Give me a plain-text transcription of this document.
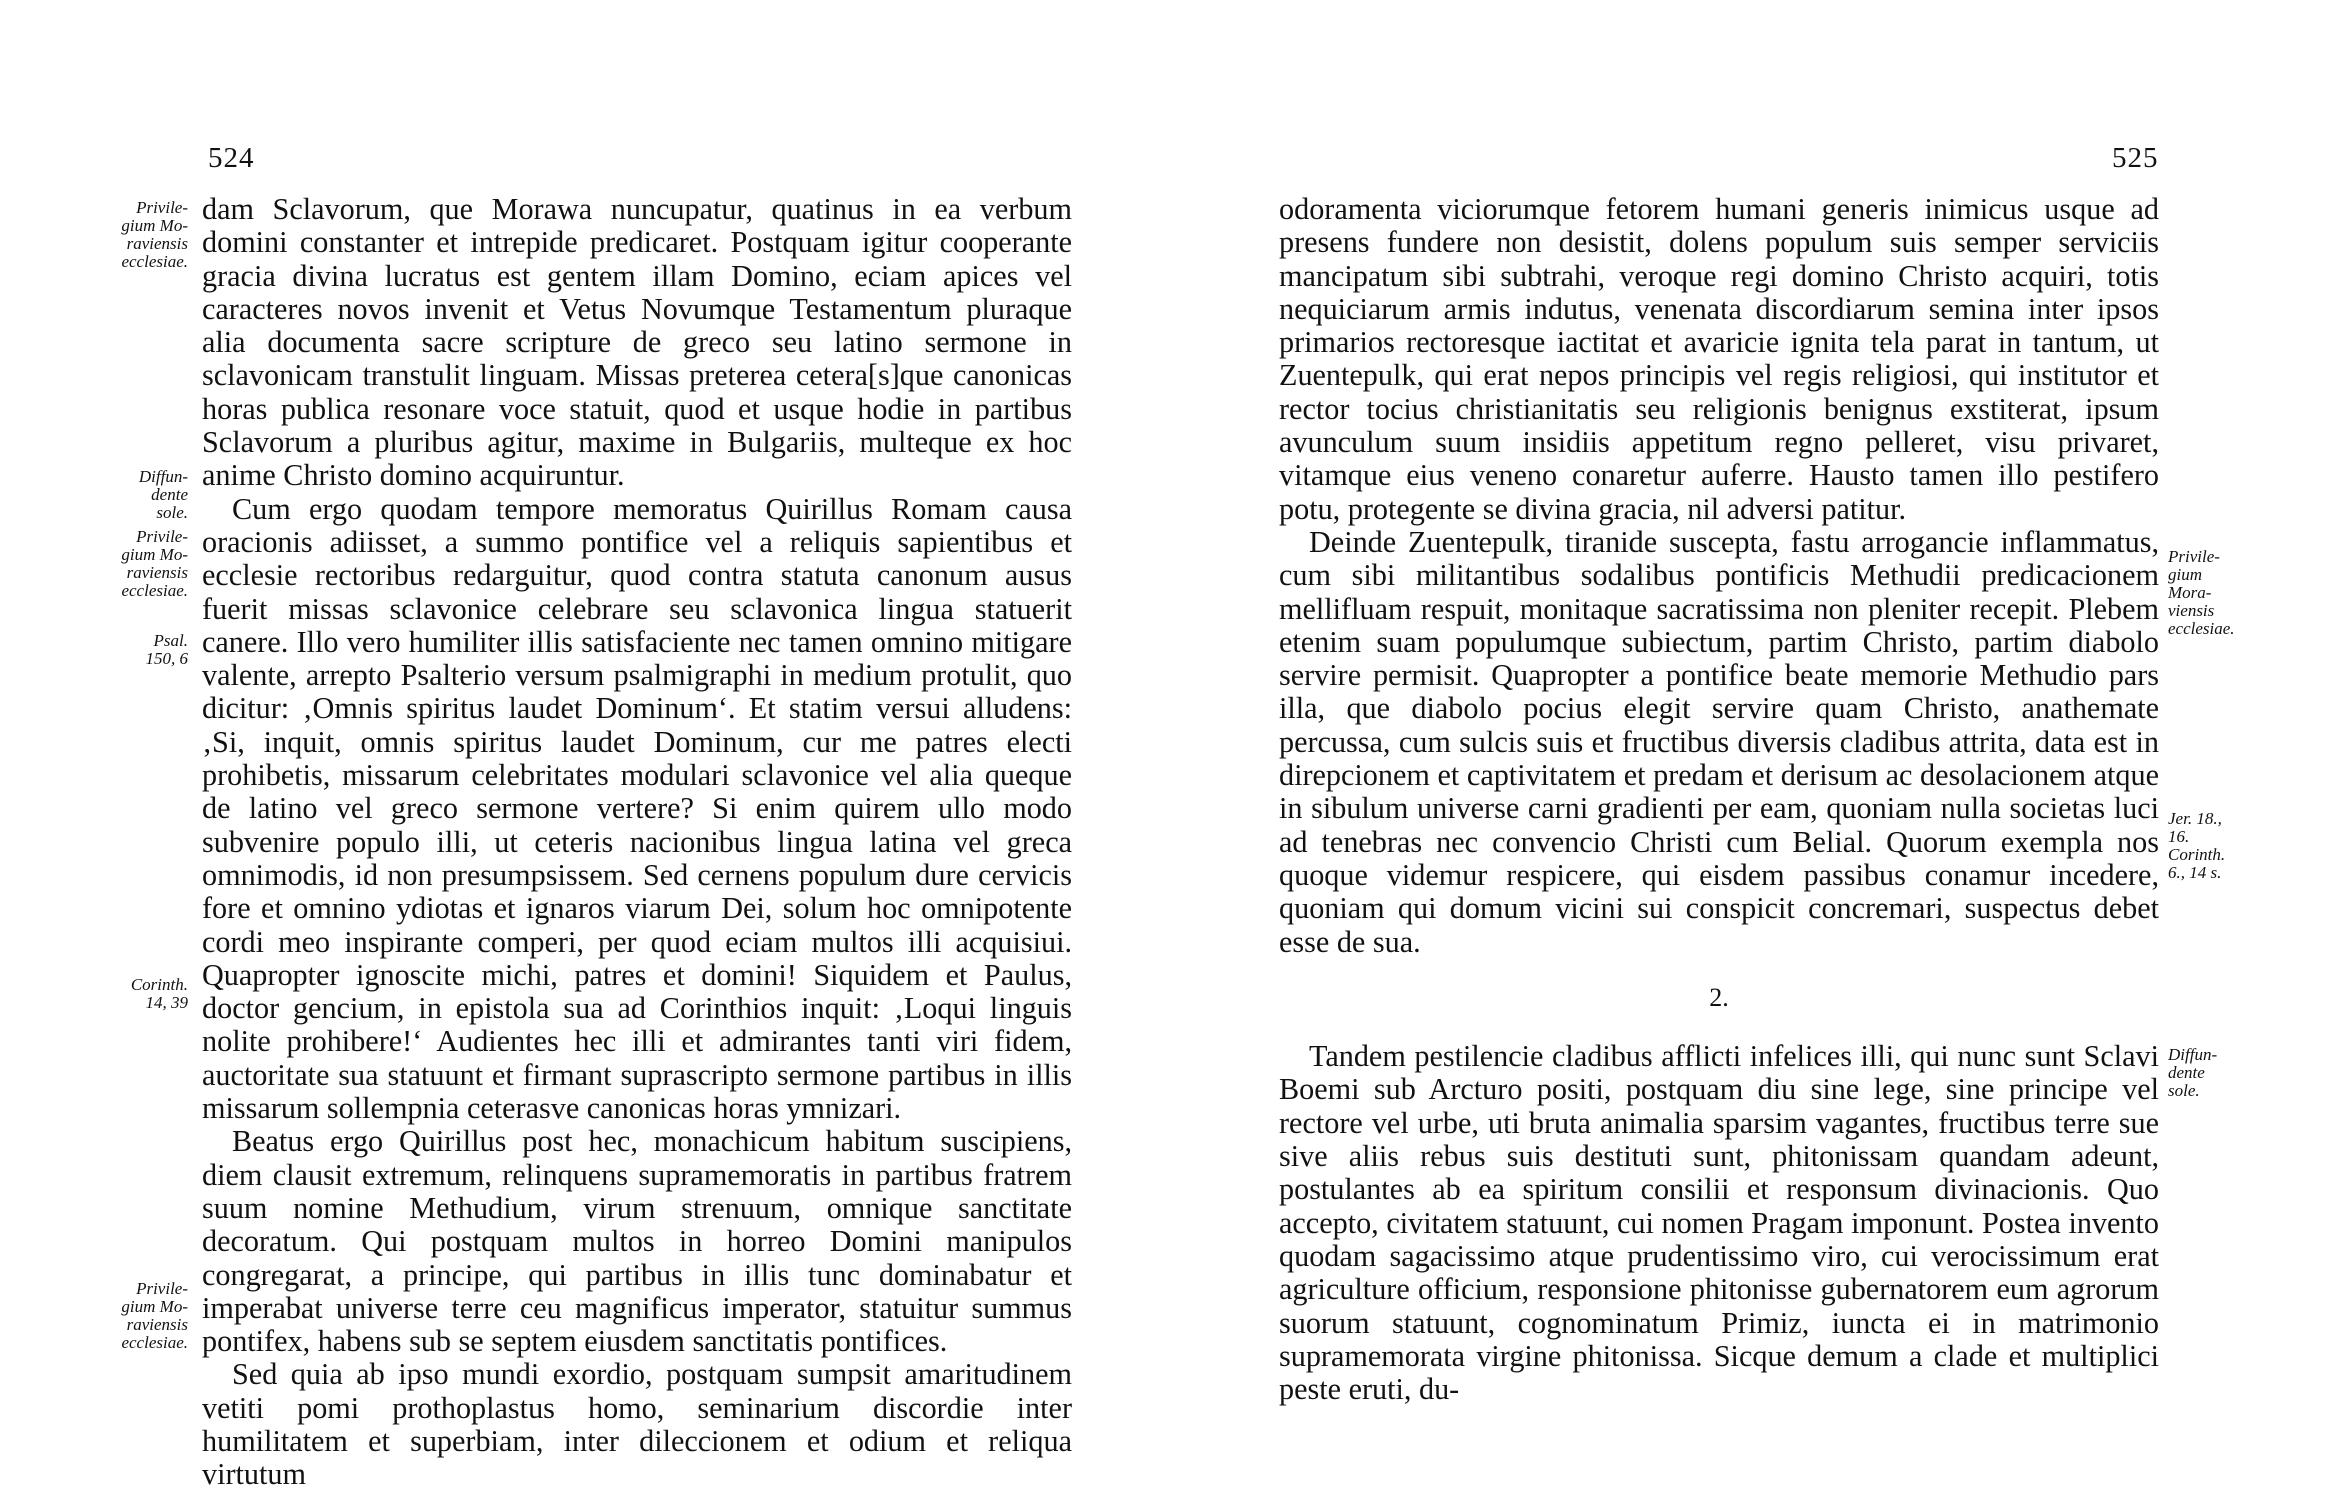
524
Privile-
gium Mo-
raviensis
ecclesiae.
Diffun-
dente
sole.
Privile-
gium Mo-
raviensis
ecclesiae.
Psal.
150, 6
Corinth.
14, 39
Privile-
gium Mo-
raviensis
ecclesiae.

dam Sclavorum, que Morawa nuncupatur, quatinus in ea verbum domini constanter et intrepide predicaret. Postquam igitur cooperante gracia divina lucratus est gentem illam Domino, eciam apices vel caracteres novos invenit et Vetus Novumque Testamentum pluraque alia documenta sacre scripture de greco seu latino sermone in sclavonicam transtulit linguam. Missas preterea cetera[s]que canonicas horas publica resonare voce statuit, quod et usque hodie in partibus Sclavorum a pluribus agitur, maxime in Bulgariis, multeque ex hoc anime Christo domino acquiruntur.

Cum ergo quodam tempore memoratus Quirillus Romam causa oracionis adiisset, a summo pontifice vel a reliquis sapientibus et ecclesie rectoribus redarguitur, quod contra statuta canonum ausus fuerit missas sclavonice celebrare seu sclavonica lingua statuerit canere. Illo vero humiliter illis satisfaciente nec tamen omnino mitigare valente, arrepto Psalterio versum psalmigraphi in medium protulit, quo dicitur: ‚Omnis spiritus laudet Dominum‘. Et statim versui alludens: ‚Si, inquit, omnis spiritus laudet Dominum, cur me patres electi prohibetis, missarum celebritates modulari sclavonice vel alia queque de latino vel greco sermone vertere? Si enim quirem ullo modo subvenire populo illi, ut ceteris nacionibus lingua latina vel greca omnimodis, id non presumpsissem. Sed cernens populum dure cervicis fore et omnino ydiotas et ignaros viarum Dei, solum hoc omnipotente cordi meo inspirante comperi, per quod eciam multos illi acquisiui. Quapropter ignoscite michi, patres et domini! Siquidem et Paulus, doctor gencium, in epistola sua ad Corinthios inquit: ‚Loqui linguis nolite prohibere!‘ Audientes hec illi et admirantes tanti viri fidem, auctoritate sua statuunt et firmant suprascripto sermone partibus in illis missarum sollempnia ceterasve canonicas horas ymnizari.

Beatus ergo Quirillus post hec, monachicum habitum suscipiens, diem clausit extremum, relinquens supramemoratis in partibus fratrem suum nomine Methudium, virum strenuum, omnique sanctitate decoratum. Qui postquam multos in horreo Domini manipulos congregarat, a principe, qui partibus in illis tunc dominabatur et imperabat universe terre ceu magnificus imperator, statuitur summus pontifex, habens sub se septem eiusdem sanctitatis pontifices.

Sed quia ab ipso mundi exordio, postquam sumpsit amaritudinem vetiti pomi prothoplastus homo, seminarium discordie inter humilitatem et superbiam, inter dileccionem et odium et reliqua virtutum

525
Privile-
gium
Mora-
viensis
ecclesiae.
Jer. 18.,
16.
Corinth.
6., 14 s.
Diffun-
dente
sole.

odoramenta viciorumque fetorem humani generis inimicus usque ad presens fundere non desistit, dolens populum suis semper serviciis mancipatum sibi subtrahi, veroque regi domino Christo acquiri, totis nequiciarum armis indutus, venenata discordiarum semina inter ipsos primarios rectoresque iactitat et avaricie ignita tela parat in tantum, ut Zuentepulk, qui erat nepos principis vel regis religiosi, qui institutor et rector tocius christianitatis seu religionis benignus exstiterat, ipsum avunculum suum insidiis appetitum regno pelleret, visu privaret, vitamque eius veneno conaretur auferre. Hausto tamen illo pestifero potu, protegente se divina gracia, nil adversi patitur.

Deinde Zuentepulk, tiranide suscepta, fastu arrogancie inflammatus, cum sibi militantibus sodalibus pontificis Methudii predicacionem mellifluam respuit, monitaque sacratissima non pleniter recepit. Plebem etenim suam populumque subiectum, partim Christo, partim diabolo servire permisit. Quapropter a pontifice beate memorie Methudio pars illa, que diabolo pocius elegit servire quam Christo, anathemate percussa, cum sulcis suis et fructibus diversis cladibus attrita, data est in direpcionem et captivitatem et predam et derisum ac desolacionem atque in sibulum universe carni gradienti per eam, quoniam nulla societas luci ad tenebras nec convencio Christi cum Belial. Quorum exempla nos quoque videmur respicere, qui eisdem passibus conamur incedere, quoniam qui domum vicini sui conspicit concremari, suspectus debet esse de sua.

2.

Tandem pestilencie cladibus afflicti infelices illi, qui nunc sunt Sclavi Boemi sub Arcturo positi, postquam diu sine lege, sine principe vel rectore vel urbe, uti bruta animalia sparsim vagantes, fructibus terre sue sive aliis rebus suis destituti sunt, phitonissam quandam adeunt, postulantes ab ea spiritum consilii et responsum divinacionis. Quo accepto, civitatem statuunt, cui nomen Pragam imponunt. Postea invento quodam sagacissimo atque prudentissimo viro, cui verocissimum erat agriculture officium, responsione phitonisse gubernatorem eum agrorum suorum statuunt, cognominatum Primiz, iuncta ei in matrimonio supramemorata virgine phitonissa. Sicque demum a clade et multiplici peste eruti, du-
